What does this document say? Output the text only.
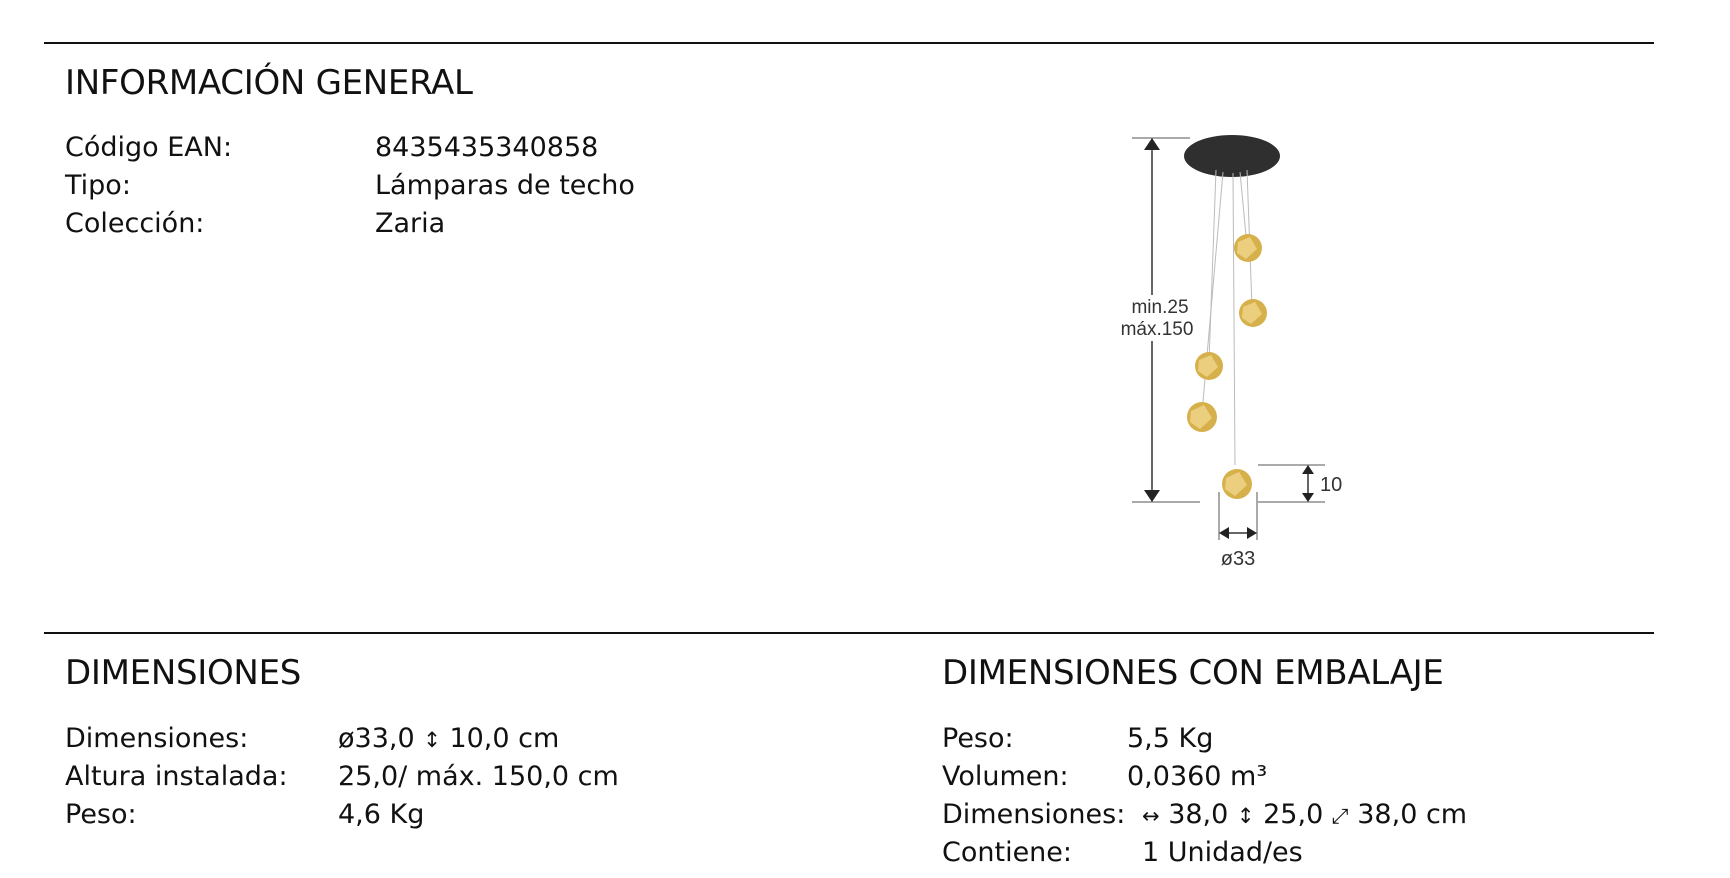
INFORMACIÓN GENERAL
Código EAN:	8435435340858
Tipo:	Lámparas de techo
Colección:	Zaria
min.25
máx.150
10
ø33
DIMENSIONES
Dimensiones:	ø33,0 ↕ 10,0 cm
Altura instalada: 25,0/ máx. 150,0 cm
Peso:	4,6 Kg
DIMENSIONES CON EMBALAJE
Peso:	5,5 Kg
Volumen: 0,0360 m³
Dimensiones: ↔ 38,0 ↕ 25,0 ⤢ 38,0 cm
Contiene:	1 Unidad/es
